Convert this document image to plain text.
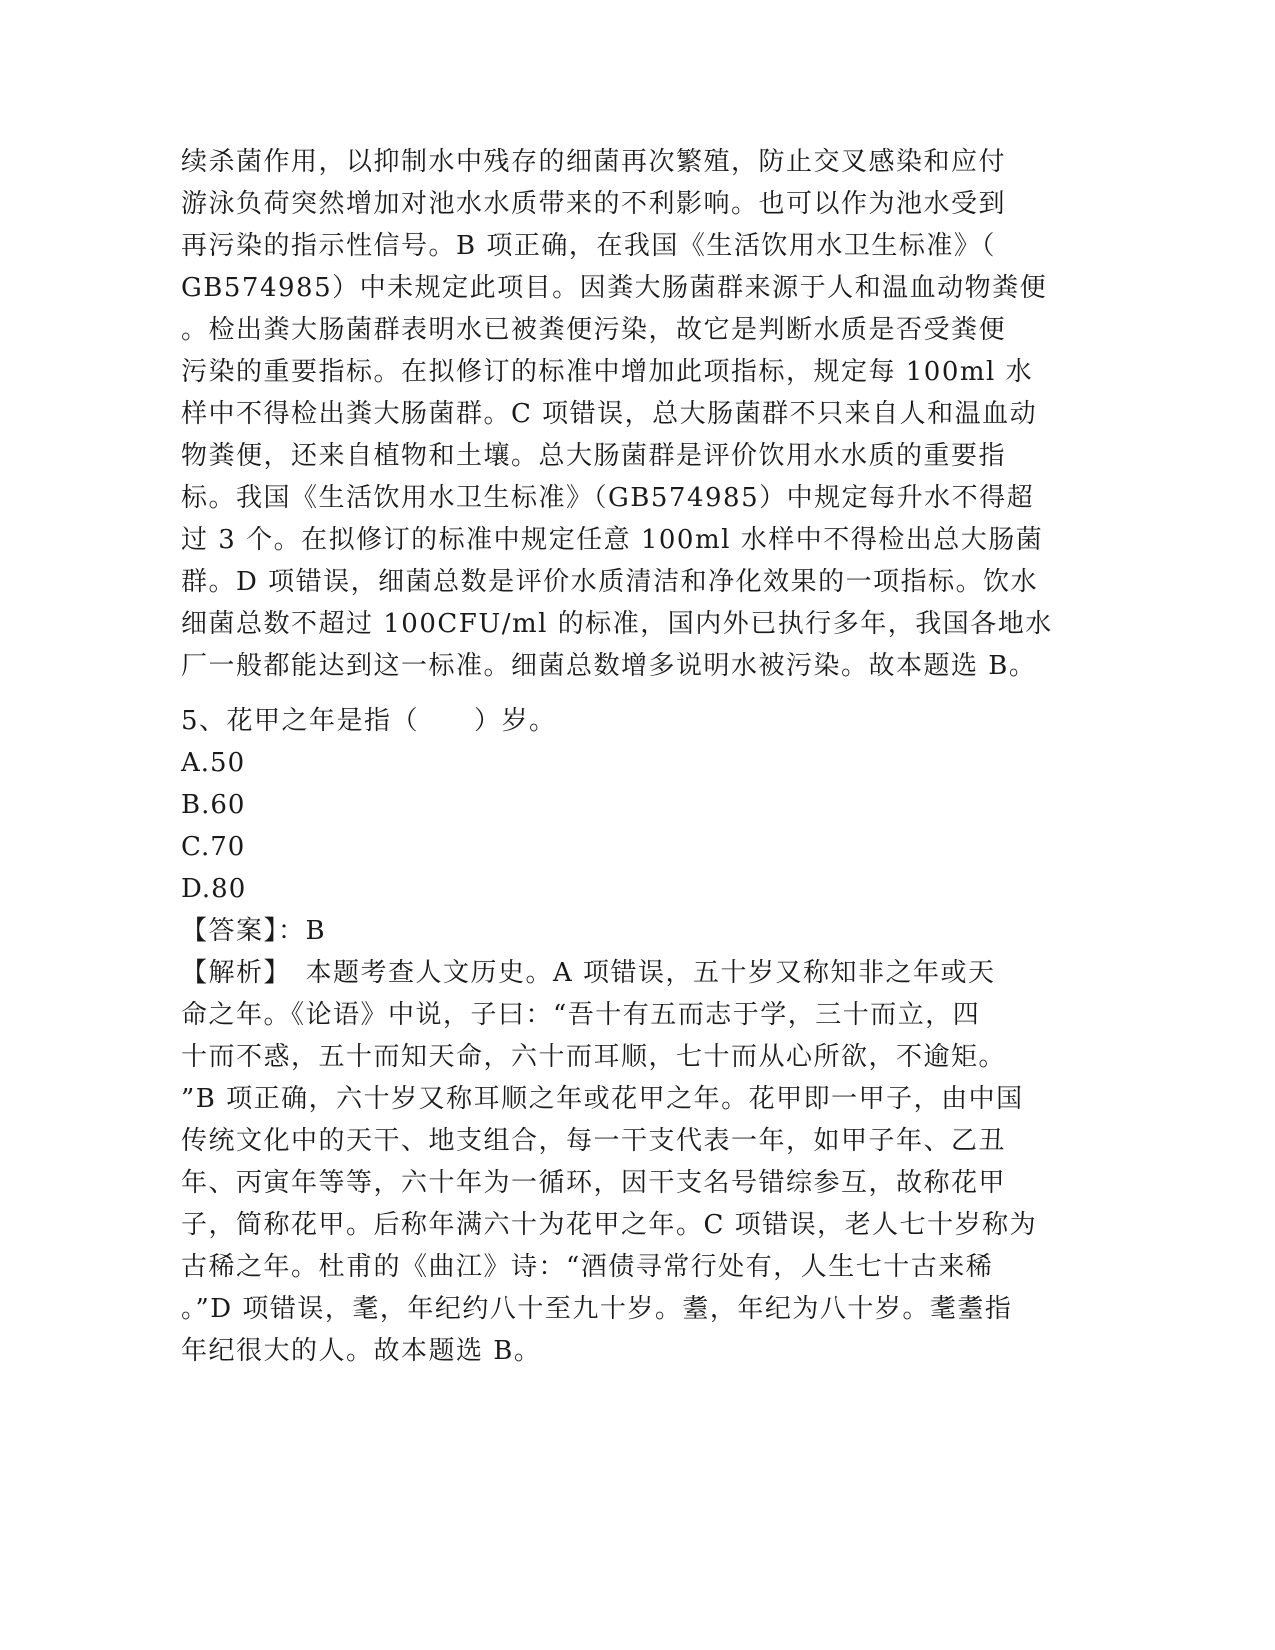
续杀菌作用，以抑制水中残存的细菌再次繁殖，防止交叉感染和应付
游泳负荷突然增加对池水水质带来的不利影响。也可以作为池水受到
再污染的指示性信号。B 项正确，在我国《生活饮用水卫生标准》（
GB574985）中未规定此项目。因粪大肠菌群来源于人和温血动物粪便
。检出粪大肠菌群表明水已被粪便污染，故它是判断水质是否受粪便
污染的重要指标。在拟修订的标准中增加此项指标，规定每 100ml 水
样中不得检出粪大肠菌群。C 项错误，总大肠菌群不只来自人和温血动
物粪便，还来自植物和土壤。总大肠菌群是评价饮用水水质的重要指
标。我国《生活饮用水卫生标准》（GB574985）中规定每升水不得超
过 3 个。在拟修订的标准中规定任意 100ml 水样中不得检出总大肠菌
群。D 项错误，细菌总数是评价水质清洁和净化效果的一项指标。饮水
细菌总数不超过 100CFU/ml 的标准，国内外已执行多年，我国各地水
厂一般都能达到这一标准。细菌总数增多说明水被污染。故本题选 B。
5、花甲之年是指（　　）岁。
A.50
B.60
C.70
D.80
【答案】：B
【解析】　本题考查人文历史。A 项错误，五十岁又称知非之年或天
命之年。《论语》中说，子曰：“吾十有五而志于学，三十而立，四
十而不惑，五十而知天命，六十而耳顺，七十而从心所欲，不逾矩。
”B 项正确，六十岁又称耳顺之年或花甲之年。花甲即一甲子，由中国
传统文化中的天干、地支组合，每一干支代表一年，如甲子年、乙丑
年、丙寅年等等，六十年为一循环，因干支名号错综参互，故称花甲
子，简称花甲。后称年满六十为花甲之年。C 项错误，老人七十岁称为
古稀之年。杜甫的《曲江》诗：“酒债寻常行处有，人生七十古来稀
。”D 项错误，耄，年纪约八十至九十岁。耋，年纪为八十岁。耄耋指
年纪很大的人。故本题选 B。
